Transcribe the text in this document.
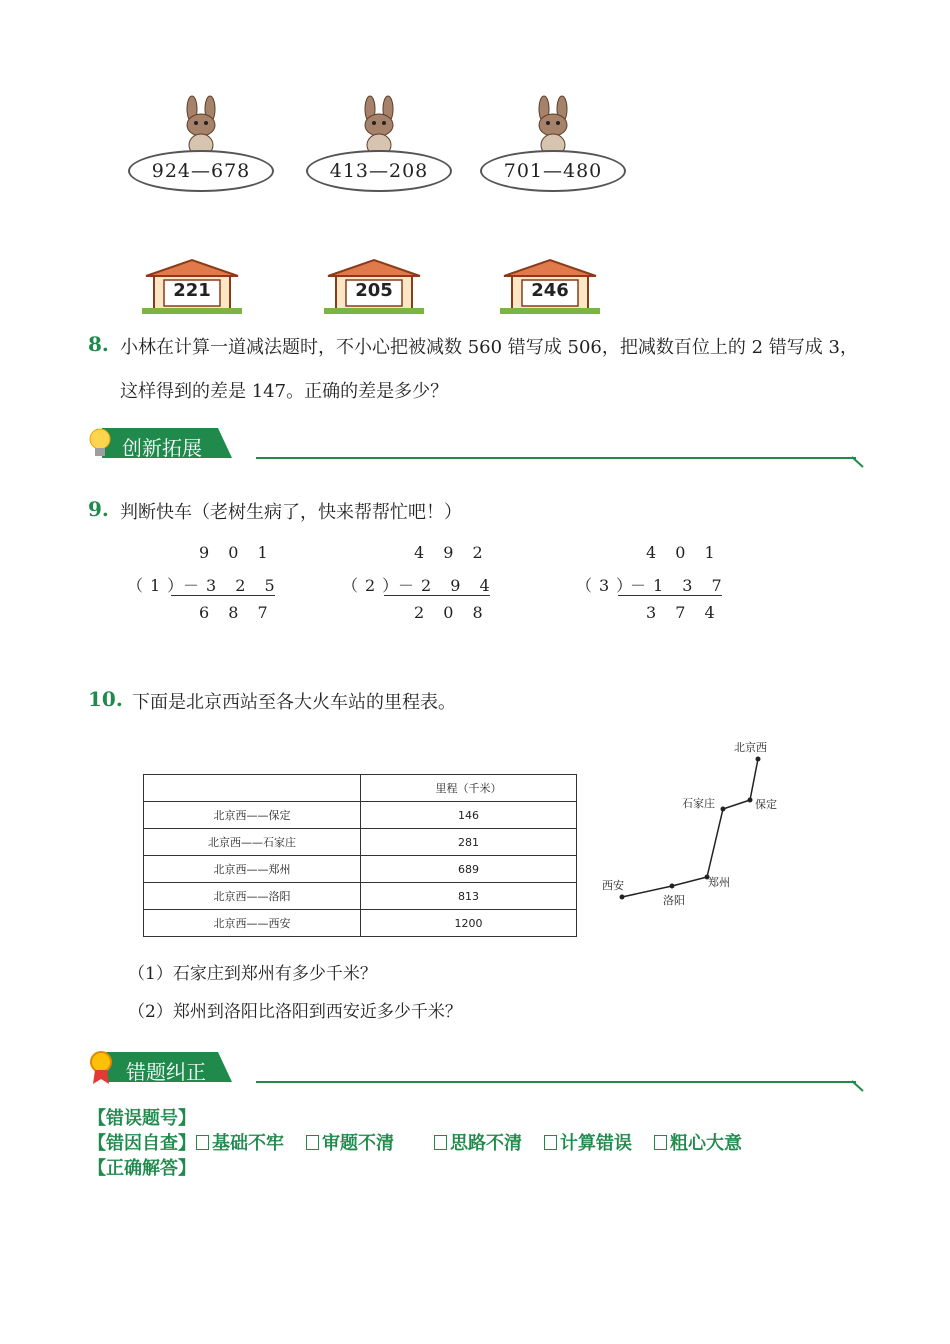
924—678	413—208	701—480
221	205	246
8. 小林在计算一道减法题时，不小心把被减数 560 错写成 506，把减数百位上的 2 错写成 3，
这样得到的差是 147。正确的差是多少？
创新拓展
9. 判断快车（老树生病了，快来帮帮忙吧！）
（1）
9 0 1
－3 2 5
6 8 7
（2）
4 9 2
－2 9 4
2 0 8
（3）
4 0 1
－1 3 7
3 7 4
10. 下面是北京西站至各大火车站的里程表。
	里程（千米）
北京西——保定	146
北京西——石家庄	281
北京西——郑州	689
北京西——洛阳	813
北京西——西安	1200
北京西
保定
石家庄
郑州
洛阳
西安
（1）石家庄到郑州有多少千米？
（2）郑州到洛阳比洛阳到西安近多少千米？
错题纠正
【错误题号】
【错因自查】 基础不牢 审题不清	思路不清 计算错误 粗心大意
【正确解答】
